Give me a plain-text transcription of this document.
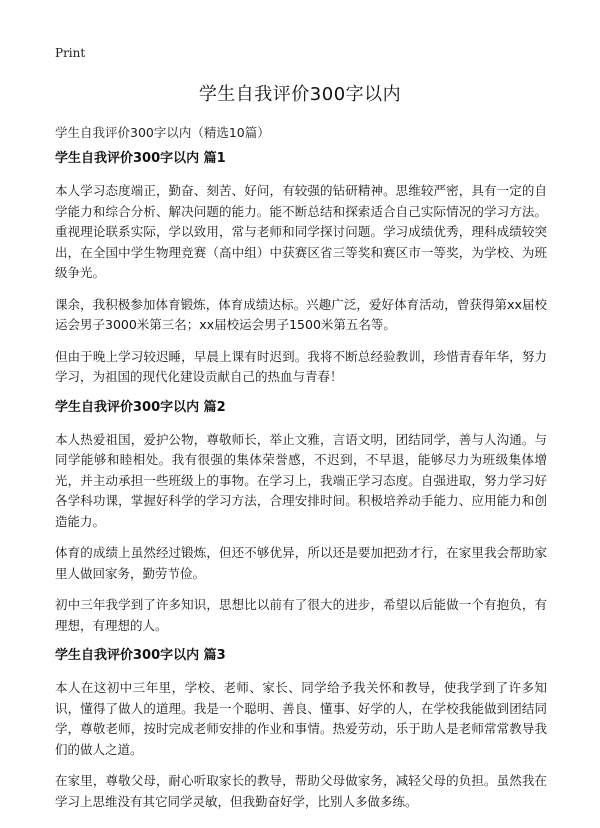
Print
学生自我评价300字以内
学生自我评价300字以内（精选10篇）
学生自我评价300字以内 篇1

本人学习态度端正，勤奋、刻苦、好问，有较强的钻研精神。思维较严密，具有一定的自学能力和综合分析、解决问题的能力。能不断总结和探索适合自己实际情况的学习方法。重视理论联系实际，学以致用，常与老师和同学探讨问题。学习成绩优秀，理科成绩较突出，在全国中学生物理竞赛（高中组）中获赛区省三等奖和赛区市一等奖，为学校、为班级争光。

课余，我积极参加体育锻炼，体育成绩达标。兴趣广泛，爱好体育活动，曾获得第xx届校运会男子3000米第三名；xx届校运会男子1500米第五名等。

但由于晚上学习较迟睡，早晨上课有时迟到。我将不断总经验教训，珍惜青春年华，努力学习，为祖国的现代化建设贡献自己的热血与青春！

学生自我评价300字以内 篇2

本人热爱祖国，爱护公物，尊敬师长，举止文雅，言语文明，团结同学，善与人沟通。与同学能够和睦相处。我有很强的集体荣誉感，不迟到，不早退，能够尽力为班级集体增光，并主动承担一些班级上的事物。在学习上，我端正学习态度。自强进取，努力学习好各学科功课，掌握好科学的学习方法，合理安排时间。积极培养动手能力、应用能力和创造能力。

体育的成绩上虽然经过锻炼，但还不够优异，所以还是要加把劲才行，在家里我会帮助家里人做回家务，勤劳节俭。

初中三年我学到了许多知识，思想比以前有了很大的进步，希望以后能做一个有抱负，有理想，有理想的人。

学生自我评价300字以内 篇3

本人在这初中三年里，学校、老师、家长、同学给予我关怀和教导，使我学到了许多知识，懂得了做人的道理。我是一个聪明、善良、懂事、好学的人，在学校我能做到团结同学，尊敬老师，按时完成老师安排的作业和事情。热爱劳动，乐于助人是老师常常教导我们的做人之道。

在家里，尊敬父母，耐心听取家长的教导，帮助父母做家务，减轻父母的负担。虽然我在学习上思维没有其它同学灵敏，但我勤奋好学，比别人多做多练。
